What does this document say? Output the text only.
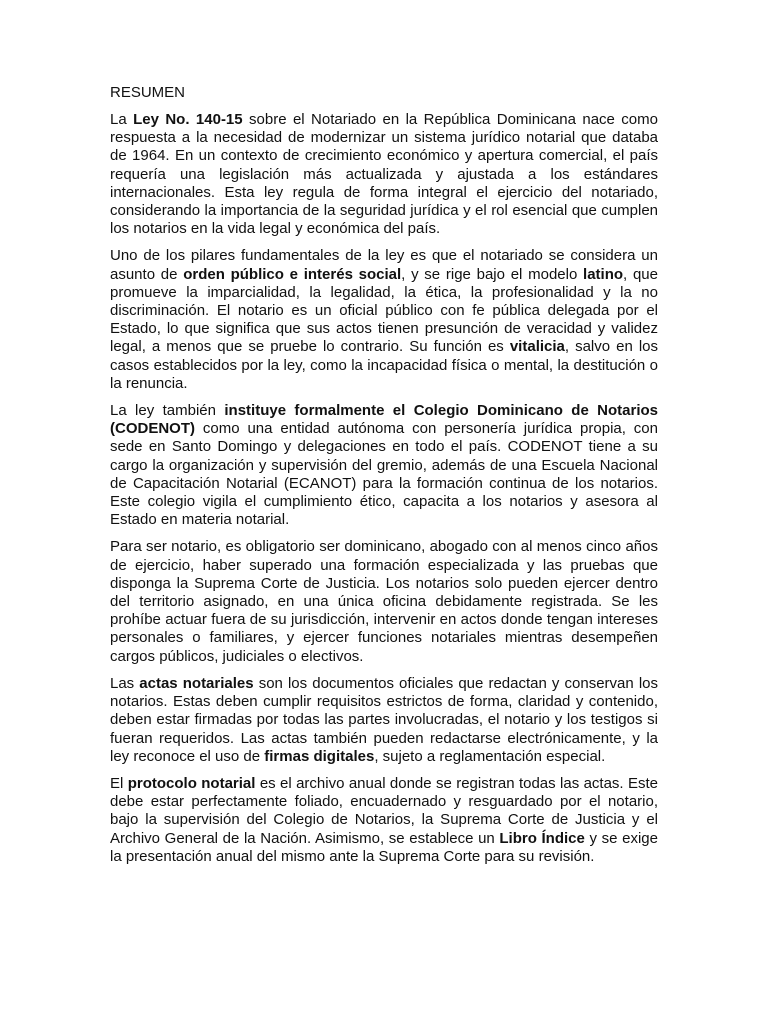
RESUMEN

La Ley No. 140-15 sobre el Notariado en la República Dominicana nace como respuesta a la necesidad de modernizar un sistema jurídico notarial que databa de 1964. En un contexto de crecimiento económico y apertura comercial, el país requería una legislación más actualizada y ajustada a los estándares internacionales. Esta ley regula de forma integral el ejercicio del notariado, considerando la importancia de la seguridad jurídica y el rol esencial que cumplen los notarios en la vida legal y económica del país.

Uno de los pilares fundamentales de la ley es que el notariado se considera un asunto de orden público e interés social, y se rige bajo el modelo latino, que promueve la imparcialidad, la legalidad, la ética, la profesionalidad y la no discriminación. El notario es un oficial público con fe pública delegada por el Estado, lo que significa que sus actos tienen presunción de veracidad y validez legal, a menos que se pruebe lo contrario. Su función es vitalicia, salvo en los casos establecidos por la ley, como la incapacidad física o mental, la destitución o la renuncia.

La ley también instituye formalmente el Colegio Dominicano de Notarios (CODENOT) como una entidad autónoma con personería jurídica propia, con sede en Santo Domingo y delegaciones en todo el país. CODENOT tiene a su cargo la organización y supervisión del gremio, además de una Escuela Nacional de Capacitación Notarial (ECANOT) para la formación continua de los notarios. Este colegio vigila el cumplimiento ético, capacita a los notarios y asesora al Estado en materia notarial.

Para ser notario, es obligatorio ser dominicano, abogado con al menos cinco años de ejercicio, haber superado una formación especializada y las pruebas que disponga la Suprema Corte de Justicia. Los notarios solo pueden ejercer dentro del territorio asignado, en una única oficina debidamente registrada. Se les prohíbe actuar fuera de su jurisdicción, intervenir en actos donde tengan intereses personales o familiares, y ejercer funciones notariales mientras desempeñen cargos públicos, judiciales o electivos.

Las actas notariales son los documentos oficiales que redactan y conservan los notarios. Estas deben cumplir requisitos estrictos de forma, claridad y contenido, deben estar firmadas por todas las partes involucradas, el notario y los testigos si fueran requeridos. Las actas también pueden redactarse electrónicamente, y la ley reconoce el uso de firmas digitales, sujeto a reglamentación especial.

El protocolo notarial es el archivo anual donde se registran todas las actas. Este debe estar perfectamente foliado, encuadernado y resguardado por el notario, bajo la supervisión del Colegio de Notarios, la Suprema Corte de Justicia y el Archivo General de la Nación. Asimismo, se establece un Libro Índice y se exige la presentación anual del mismo ante la Suprema Corte para su revisión.
